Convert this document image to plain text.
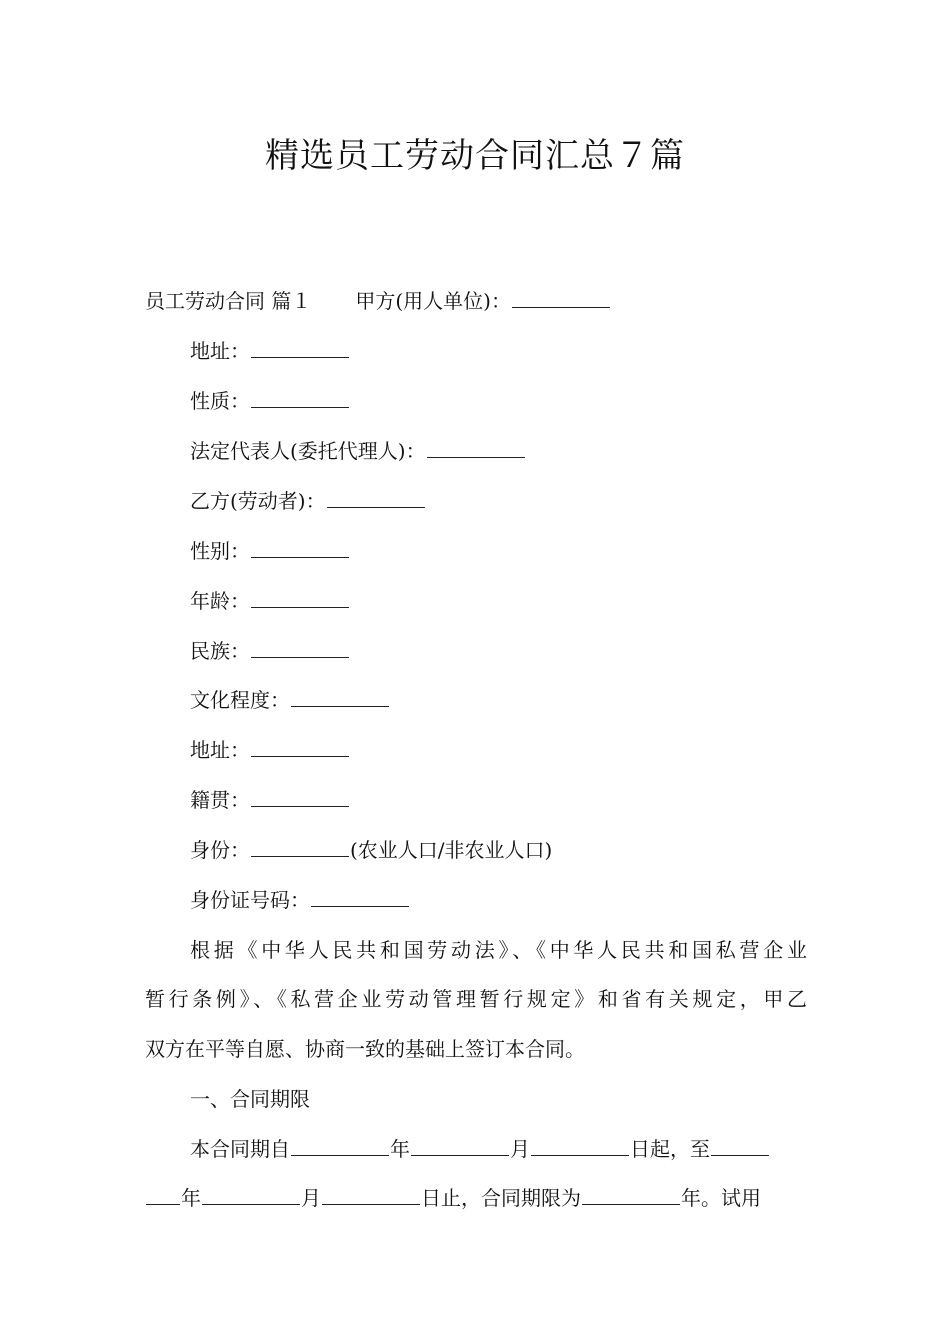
精选员工劳动合同汇总７篇
员工劳动合同 篇１ 甲方(用人单位)：
地址：
性质：
法定代表人(委托代理人)：
乙方(劳动者)：
性别：
年龄：
民族：
文化程度：
地址：
籍贯：
身份：	(农业人口/非农业人口)
身份证号码：
根据《中华人民共和国劳动法》、《中华人民共和国私营企业
暂行条例》、《私营企业劳动管理暂行规定》和省有关规定，甲乙
双方在平等自愿、协商一致的基础上签订本合同。
一、合同期限
本合同期自	年	月	日起，至
年	月	日止，合同期限为	年。试用
